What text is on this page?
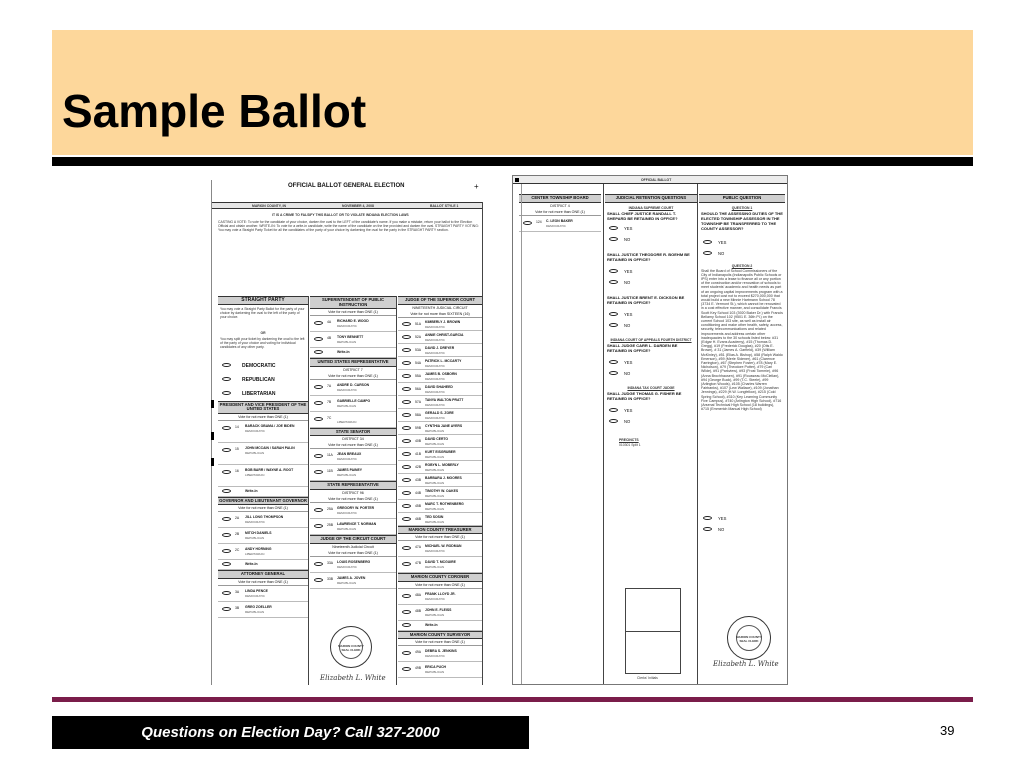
Sample Ballot
OFFICIAL BALLOT GENERAL ELECTION	+
MARION COUNTY, IN	NOVEMBER 4, 2008	BALLOT STYLE 1
IT IS A CRIME TO FALSIFY THIS BALLOT OR TO VIOLATE INDIANA ELECTION LAWS
CASTING A VOTE: To vote for the candidate of your choice, darken the oval to the LEFT of the candidate's name. If you make a mistake, return your ballot to the Election Official and obtain another. WRITE-IN: To vote for a write-in candidate, write the name of the candidate on the line provided and darken the oval. STRAIGHT PARTY VOTING: You may vote a Straight Party Ticket for all the candidates of the party of your choice by darkening the oval for the party in the STRAIGHT PARTY section.
STRAIGHT PARTY
You may vote a Straight Party Ballot for the party of your choice by darkening the oval to the left of the party of your choice.
OR
You may split your ticket by darkening the oval to the left of the party of your choice and voting for individual candidates of any other party.
DEMOCRATIC
REPUBLICAN
LIBERTARIAN
PRESIDENT AND VICE PRESIDENT OF THE UNITED STATES
Vote for not more than ONE (1)
14 BARACK OBAMA / JOE BIDEN
DEMOCRATIC
15 JOHN MCCAIN / SARAH PALIN
REPUBLICAN
16 BOB BARR / WAYNE A. ROOT
LIBERTARIAN
Write-In
GOVERNOR AND LIEUTENANT GOVERNOR
Vote for not more than ONE (1)
2A JILL LONG THOMPSON
DEMOCRATIC
2B MITCH DANIELS
REPUBLICAN
2C ANDY HORNING
LIBERTARIAN
Write-In
ATTORNEY GENERAL
Vote for not more than ONE (1)
3A LINDA PENCE
DEMOCRATIC
3B GREG ZOELLER
REPUBLICAN
SUPERINTENDENT OF PUBLIC INSTRUCTION
Vote for not more than ONE (1)
4A RICHARD E. WOOD
DEMOCRATIC
4B TONY BENNETT
REPUBLICAN
Write-In
UNITED STATES REPRESENTATIVE
DISTRICT 7
Vote for not more than ONE (1)
7A ANDRE D. CARSON
DEMOCRATIC
7B GABRIELLE CAMPO
REPUBLICAN
7C
LIBERTARIAN
STATE SENATOR
DISTRICT 34
Vote for not more than ONE (1)
11A JEAN BREAUX
DEMOCRATIC
11B JAMES PAINEY
REPUBLICAN
STATE REPRESENTATIVE
DISTRICT 96
Vote for not more than ONE (1)
25A GREGORY W. PORTER
DEMOCRATIC
25B LAWRENCE T. NORMAN
REPUBLICAN
JUDGE OF THE CIRCUIT COURT
Nineteenth Judicial Circuit
Vote for not more than ONE (1)
33A LOUIS ROSENBERG
DEMOCRATIC
33B JAMES A. JOVEN
REPUBLICAN
MARION COUNTY SEAL CLERK
Elizabeth L. White
JUDGE OF THE SUPERIOR COURT
NINETEENTH JUDICIAL CIRCUIT
Vote for not more than SIXTEEN (16)
51A KIMBERLY J. BROWN
DEMOCRATIC
52A ANNIE CHRIST-GARCIA
DEMOCRATIC
53A DAVID J. DREYER
DEMOCRATIC
54A PATRICK L. MCCARTY
DEMOCRATIC
55A JAMES B. OSBORN
DEMOCRATIC
56A DAVID SHAHEED
DEMOCRATIC
57A TANYA WALTON PRATT
DEMOCRATIC
58A GERALD S. ZORE
DEMOCRATIC
59B CYNTHIA JANE AYERS
REPUBLICAN
40B DAVID CERTO
REPUBLICAN
41B KURT EISGRUBER
REPUBLICAN
42B ROBYN L. MOBERLY
REPUBLICAN
43B BARBARA J. MOORES
REPUBLICAN
44B TIMOTHY W. OAKES
REPUBLICAN
45B MARC T. ROTHENBERG
REPUBLICAN
46B TED SOSIN
REPUBLICAN
MARION COUNTY TREASURER
Vote for not more than ONE (1)
47A MICHAEL W. RODMAN
DEMOCRATIC
47B DAVID T. MCGUIRE
REPUBLICAN
MARION COUNTY CORONER
Vote for not more than ONE (1)
48A FRANK LLOYD JR.
DEMOCRATIC
48B JOHN E. FLEISS
REPUBLICAN
Write-In
MARION COUNTY SURVEYOR
Vote for not more than ONE (1)
49A DEBRA S. JENKINS
DEMOCRATIC
49B ERICA PUCH
REPUBLICAN
OFFICIAL BALLOT
CENTER TOWNSHIP BOARD
DISTRICT 4
Vote for not more than ONE (1)
124 C. LEON BAKER
DEMOCRATIC
JUDICIAL RETENTION QUESTIONS
INDIANA SUPREME COURT
SHALL CHIEF JUSTICE RANDALL T. SHEPARD BE RETAINED IN OFFICE?
YES
NO
SHALL JUSTICE THEODORE R. BOEHM BE RETAINED IN OFFICE?
YES
NO
SHALL JUSTICE BRENT E. DICKSON BE RETAINED IN OFFICE?
YES
NO
INDIANA COURT OF APPEALS FOURTH DISTRICT
SHALL JUDGE CARR L. DARDEN BE RETAINED IN OFFICE?
YES
NO
INDIANA TAX COURT JUDGE
SHALL JUDGE THOMAS G. FISHER BE RETAINED IN OFFICE?
YES
NO
PRECINCTS
010301 Split 1
Clerks' Initials
PUBLIC QUESTION
QUESTION 1
SHOULD THE ASSESSING DUTIES OF THE ELECTED TOWNSHIP ASSESSOR IN THE TOWNSHIP BE TRANSFERRED TO THE COUNTY ASSESSOR?
YES
NO
QUESTION 2
Shall the Board of School Commissioners of the City of Indianapolis (Indianapolis Public Schools or IPS) enter into a lease to finance all or any portion of the construction and/or renovation of schools to meet students' academic and health needs as part of an ongoing capital improvements program with a total project cost not to exceed $270,000,000 that would build a new Minnie Hartmann School 78 (3734 E. Vermont St.), which cannot be renovated in a cost effective manner, and consolidate Francis Scott Key School 103 (3920 Baker Dr.) with Francis Bellamy School 102 (9501 E. 36th Pl.) on the current School 103 site, as well as install air conditioning and make other health, safety, access, security, telecommunications and related improvements and address certain other inadequacies to the 30 schools listed below: #31 (Edgar H. Evans Academy), #15 (Thomas D. Gregg), #19 (Frederick Douglas), #20 (Otis E. Brown), # 31 (James A. Garfield), #39 (William McKinley), #51 (Elias A. Bishop), #58 (Ralph Waldo Emerson), #59 (Merle Sidener), #61 (Clarence Farrington), #67 (Stephen Foster), #78 (Mary E. Nicholson), #79 (Theodore Potter), #79 (Carl Wilde), #91 (Parkview), #93 (Frost Tommie), #96 (Anna Brochhausen), #91 (Rousseau McClellan), #94 (George Buck), #99 (T.C. Steele), #99 (Arlington Woods), #105 (Charles Warren Fairbanks), #107 (Lew Wallace), #109 (Jonathan Jennings), #229 (H.W. Longfellow), #215 (Cold Spring School), #310 (Key Learning Community Five Campus), #740 (Arlington High School), #716 (Arsenal Technical High School (18 buildings), #715 (Emmerich Manual High School)
YES
NO
MARION COUNTY SEAL CLERK
Elizabeth L. White
Questions on Election Day? Call 327-2000	39
